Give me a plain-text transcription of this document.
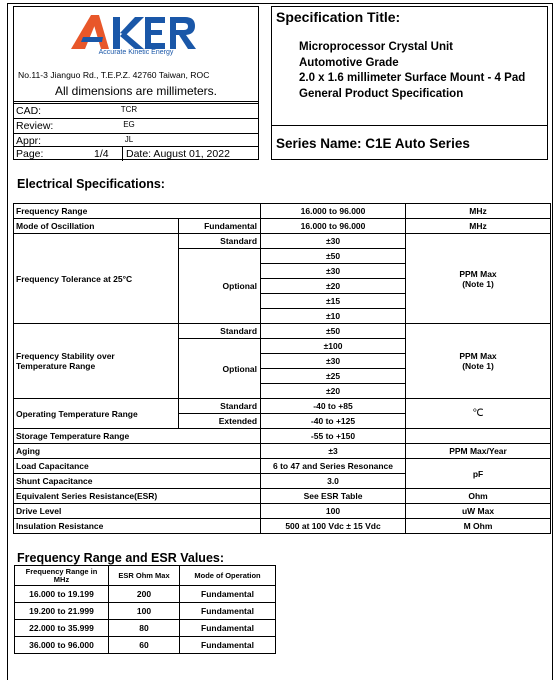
Accurate Kinetic Energy
No.11-3 Jianguo Rd., T.E.P.Z. 42760 Taiwan, ROC
All dimensions are millimeters.
CAD:	TCR
Review:	EG
Appr:	JL
Page:	1/4 Date: August 01, 2022
Specification Title:
Microprocessor Crystal Unit
Automotive Grade
2.0 x 1.6 millimeter Surface Mount - 4 Pad
General Product Specification
Series Name: C1E Auto Series
Electrical Specifications:
Frequency Range		16.000 to 96.000	MHz
Mode of Oscillation	Fundamental	16.000 to 96.000	MHz
Frequency Tolerance at 25°C	Standard	±30	PPM Max
(Note 1)
	Optional	±50	
		±30	
		±20	
		±15	
		±10	
Frequency Stability over
Temperature Range	Standard	±50	PPM Max
(Note 1)
	Optional	±100	
		±30	
		±25	
		±20	
Operating Temperature Range	Standard	-40 to +85	℃
	Extended	-40 to +125	
Storage Temperature Range		-55 to +150	
Aging		±3	PPM Max/Year
Load Capacitance		6 to 47 and Series Resonance	pF
Shunt Capacitance		3.0	
Equivalent Series Resistance(ESR)		See ESR Table	Ohm
Drive Level		100	uW Max
Insulation Resistance		500 at 100 Vdc ± 15 Vdc	M Ohm
Frequency Range and ESR Values:
Frequency Range in MHz	ESR Ohm Max	Mode of Operation
16.000 to 19.199	200	Fundamental
19.200 to 21.999	100	Fundamental
22.000 to 35.999	80	Fundamental
36.000 to 96.000	60	Fundamental
